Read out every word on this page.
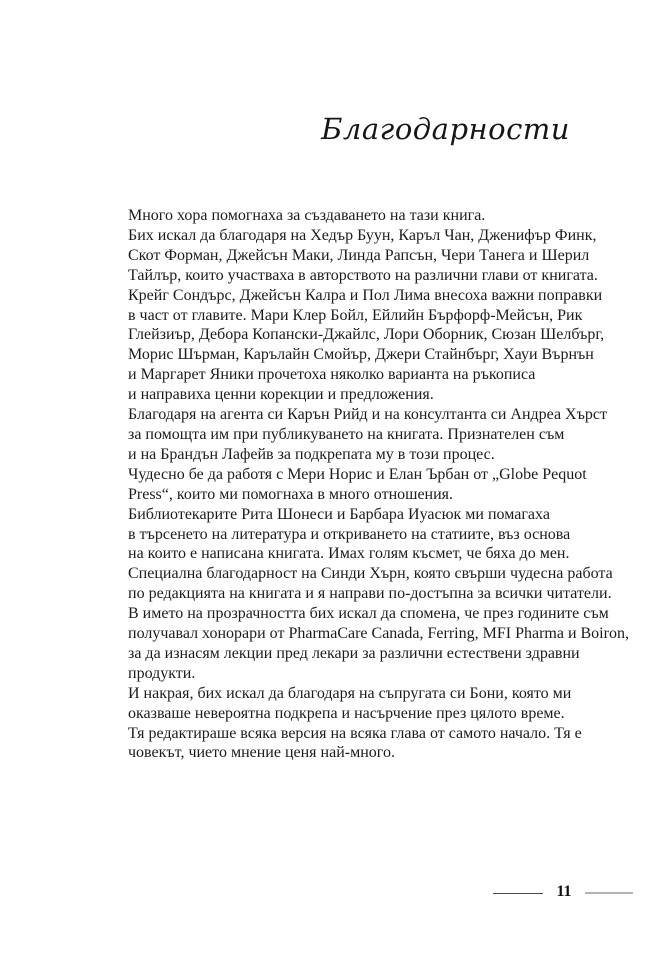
Благодарности
Много хора помогнаха за създаването на тази книга.
Бих искал да благодаря на Хедър Буун, Каръл Чан, Дженифър Финк,
Скот Форман, Джейсън Маки, Линда Рапсън, Чери Танега и Шерил
Тайлър, които участваха в авторството на различни глави от книгата.
Крейг Сондърс, Джейсън Калра и Пол Лима внесоха важни поправки
в част от главите. Мари Клер Бойл, Ейлийн Бърфорф-Мейсън, Рик
Глейзиър, Дебора Копански-Джайлс, Лори Оборник, Сюзан Шелбърг,
Морис Шърман, Карълайн Смойър, Джери Стайнбърг, Хауи Върнън
и Маргарет Яники прочетоха няколко варианта на ръкописа
и направиха ценни корекции и предложения.
Благодаря на агента си Карън Рийд и на консултанта си Андреа Хърст
за помощта им при публикуването на книгата. Признателен съм
и на Брандън Лафейв за подкрепата му в този процес.
Чудесно бе да работя с Мери Норис и Елан Ърбан от „Globe Pequot
Press“, които ми помогнаха в много отношения.
Библиотекарите Рита Шонеси и Барбара Иуасюк ми помагаха
в търсенето на литература и откриването на статиите, въз основа
на които е написана книгата. Имах голям късмет, че бяха до мен.
Специална благодарност на Синди Хърн, която свърши чудесна работа
по редакцията на книгата и я направи по-достъпна за всички читатели.
В името на прозрачността бих искал да спомена, че през годините съм
получавал хонорари от PharmaCare Canada, Ferring, MFI Pharma и Boiron,
за да изнасям лекции пред лекари за различни естествени здравни
продукти.
И накрая, бих искал да благодаря на съпругата си Бони, която ми
оказваше невероятна подкрепа и насърчение през цялото време.
Тя редактираше всяка версия на всяка глава от самото начало. Тя е
човекът, чието мнение ценя най-много.
11
